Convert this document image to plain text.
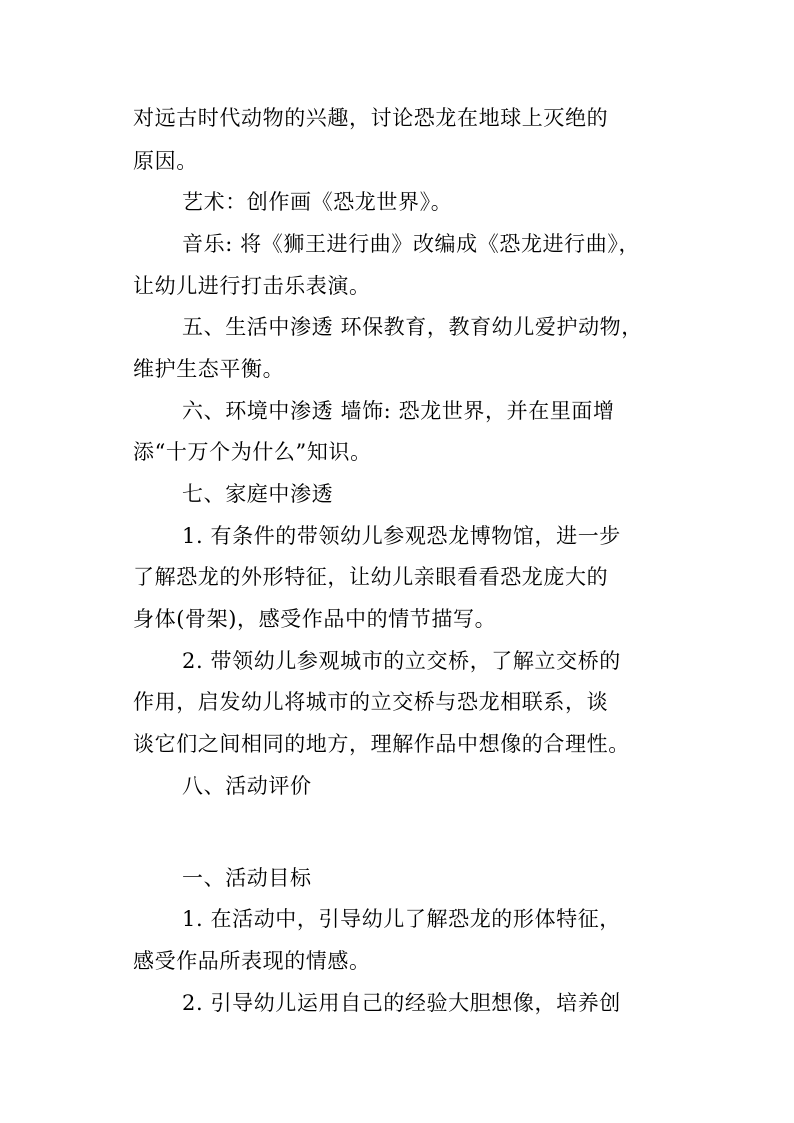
对远古时代动物的兴趣，讨论恐龙在地球上灭绝的
原因。
艺术：创作画《恐龙世界》。
音乐: 将《狮王进行曲》改编成《恐龙进行曲》，
让幼儿进行打击乐表演。
五、生活中渗透 环保教育，教育幼儿爱护动物，
维护生态平衡。
六、环境中渗透 墙饰: 恐龙世界，并在里面增
添“十万个为什么”知识。
七、家庭中渗透
1. 有条件的带领幼儿参观恐龙博物馆，进一步
了解恐龙的外形特征，让幼儿亲眼看看恐龙庞大的
身体(骨架)，感受作品中的情节描写。
2. 带领幼儿参观城市的立交桥，了解立交桥的
作用，启发幼儿将城市的立交桥与恐龙相联系，谈
谈它们之间相同的地方，理解作品中想像的合理性。
八、活动评价
一、活动目标
1. 在活动中，引导幼儿了解恐龙的形体特征，
感受作品所表现的情感。
2. 引导幼儿运用自己的经验大胆想像，培养创
